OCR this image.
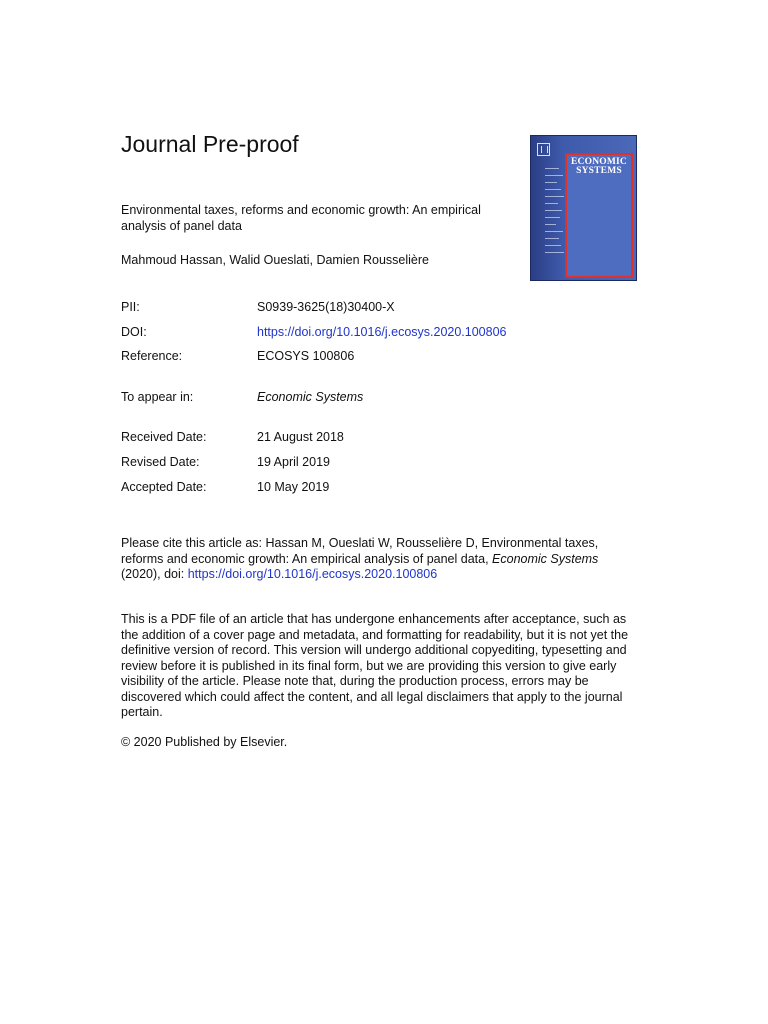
Journal Pre-proof
ECONOMIC
SYSTEMS
Environmental taxes, reforms and economic growth: An empirical analysis of panel data
Mahmoud Hassan, Walid Oueslati, Damien Rousselière
PII:	S0939-3625(18)30400-X
DOI:	https://doi.org/10.1016/j.ecosys.2020.100806
Reference:	ECOSYS 100806
To appear in:	Economic Systems
Received Date:	21 August 2018
Revised Date:	19 April 2019
Accepted Date:	10 May 2019
Please cite this article as: Hassan M, Oueslati W, Rousselière D, Environmental taxes, reforms and economic growth: An empirical analysis of panel data, Economic Systems (2020), doi: https://doi.org/10.1016/j.ecosys.2020.100806
This is a PDF file of an article that has undergone enhancements after acceptance, such as the addition of a cover page and metadata, and formatting for readability, but it is not yet the definitive version of record. This version will undergo additional copyediting, typesetting and review before it is published in its final form, but we are providing this version to give early visibility of the article. Please note that, during the production process, errors may be discovered which could affect the content, and all legal disclaimers that apply to the journal pertain.
© 2020 Published by Elsevier.
